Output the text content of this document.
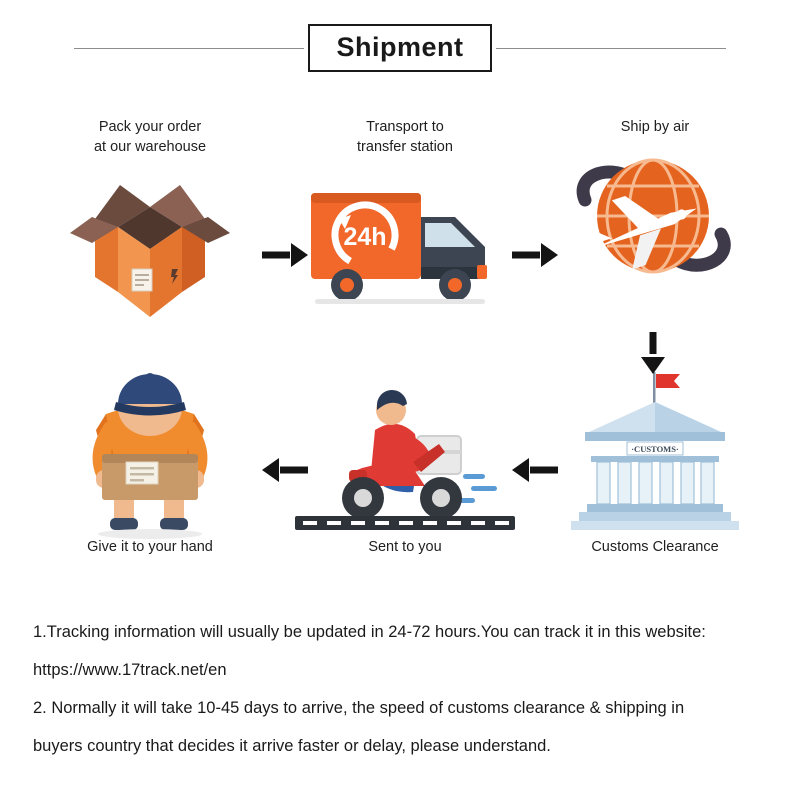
Shipment
Pack your order
at our warehouse
Transport to
transfer station
24h
Ship by air
Give it to your hand	Sent to you
·CUSTOMS·
Customs Clearance

1.Tracking information will usually be updated in 24-72 hours.You can track it in this website:

https://www.17track.net/en

2. Normally it will take 10-45 days to arrive, the speed of customs clearance & shipping in

buyers country that decides it arrive faster or delay, please understand.
